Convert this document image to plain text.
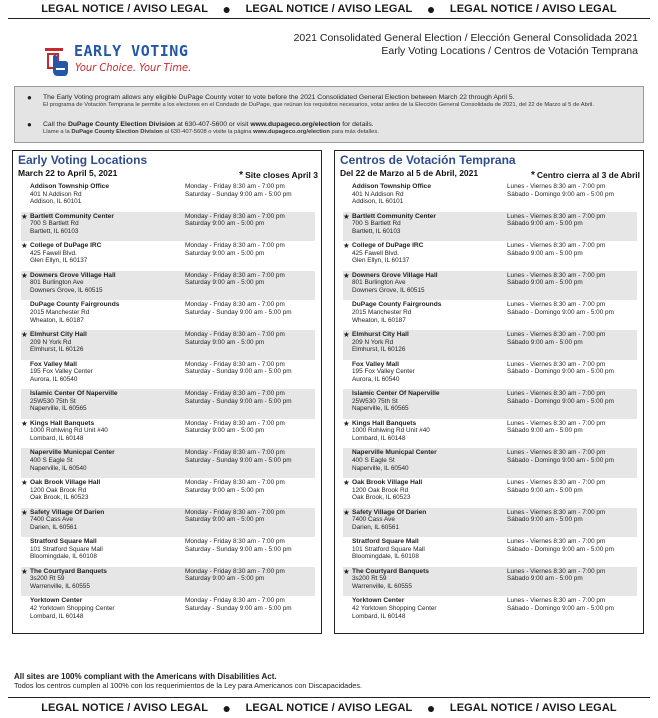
LEGAL NOTICE / AVISO LEGAL ● LEGAL NOTICE / AVISO LEGAL ● LEGAL NOTICE / AVISO LEGAL
EARLY VOTING
Your Choice. Your Time.
2021 Consolidated General Election / Elección General Consolidada 2021
Early Voting Locations / Centros de Votación Temprana
● The Early Voting program allows any eligible DuPage County voter to vote before the 2021 Consolidated General Election between March 22 through April 5.
El programa de Votación Temprana le permite a los electores en el Condado de DuPage, que reúnan los requisitos necesarios, votar antes de la Elección General Consolidada de 2021, del 22 de Marzo al 5 de Abril.
● Call the DuPage County Election Division at 630-407-5600 or visit www.dupageco.org/election for details.
Llame a la DuPage County Election Division al 630-407-5608 o visite la página www.dupageco.org/election para más detalles.
Early Voting Locations
March 22 to April 5, 2021	* Site closes April 3
Addison Township Office
401 N Addison Rd
Addison, IL 60101
Monday - Friday 8:30 am - 7:00 pm
Saturday - Sunday 9:00 am - 5:00 pm
★ Bartlett Community Center
700 S Bartlett Rd
Bartlett, IL 60103
Monday - Friday 8:30 am - 7:00 pm
Saturday 9:00 am - 5:00 pm
★ College of DuPage IRC
425 Fawell Blvd.
Glen Ellyn, IL 60137
Monday - Friday 8:30 am - 7:00 pm
Saturday 9:00 am - 5:00 pm
★ Downers Grove Village Hall
801 Burlington Ave
Downers Grove, IL 60515
Monday - Friday 8:30 am - 7:00 pm
Saturday 9:00 am - 5:00 pm
DuPage County Fairgrounds
2015 Manchester Rd
Wheaton, IL 60187
Monday - Friday 8:30 am - 7:00 pm
Saturday - Sunday 9:00 am - 5:00 pm
★ Elmhurst City Hall
209 N York Rd
Elmhurst, IL 60126
Monday - Friday 8:30 am - 7:00 pm
Saturday 9:00 am - 5:00 pm
Fox Valley Mall
195 Fox Valley Center
Aurora, IL 60540
Monday - Friday 8:30 am - 7:00 pm
Saturday - Sunday 9:00 am - 5:00 pm
Islamic Center Of Naperville
25W530 75th St
Naperville, IL 60565
Monday - Friday 8:30 am - 7:00 pm
Saturday - Sunday 9:00 am - 5:00 pm
★ Kings Hall Banquets
1000 Rohlwing Rd Unit #40
Lombard, IL 60148
Monday - Friday 8:30 am - 7:00 pm
Saturday 9:00 am - 5:00 pm
Naperville Municpal Center
400 S Eagle St
Naperville, IL 60540
Monday - Friday 8:30 am - 7:00 pm
Saturday - Sunday 9:00 am - 5:00 pm
★ Oak Brook Village Hall
1200 Oak Brook Rd
Oak Brook, IL 60523
Monday - Friday 8:30 am - 7:00 pm
Saturday 9:00 am - 5:00 pm
★ Safety Village Of Darien
7400 Cass Ave
Darien, IL 60561
Monday - Friday 8:30 am - 7:00 pm
Saturday 9:00 am - 5:00 pm
Stratford Square Mall
101 Stratford Square Mall
Bloomingdale, IL 60108
Monday - Friday 8:30 am - 7:00 pm
Saturday - Sunday 9:00 am - 5:00 pm
★ The Courtyard Banquets
3s200 Rt 59
Warrenville, IL 60555
Monday - Friday 8:30 am - 7:00 pm
Saturday 9:00 am - 5:00 pm
Yorktown Center
42 Yorktown Shopping Center
Lombard, IL 60148
Monday - Friday 8:30 am - 7:00 pm
Saturday - Sunday 9:00 am - 5:00 pm
Centros de Votación Temprana
Del 22 de Marzo al 5 de Abril, 2021	* Centro cierra al 3 de Abril
Addison Township Office
401 N Addison Rd
Addison, IL 60101
Lunes - Viernes 8:30 am - 7:00 pm
Sábado - Domingo 9:00 am - 5:00 pm
★ Bartlett Community Center
700 S Bartlett Rd
Bartlett, IL 60103
Lunes - Viernes 8:30 am - 7:00 pm
Sábado 9:00 am - 5:00 pm
★ College of DuPage IRC
425 Fawell Blvd.
Glen Ellyn, IL 60137
Lunes - Viernes 8:30 am - 7:00 pm
Sábado 9:00 am - 5:00 pm
★ Downers Grove Village Hall
801 Burlington Ave
Downers Grove, IL 60515
Lunes - Viernes 8:30 am - 7:00 pm
Sábado 9:00 am - 5:00 pm
DuPage County Fairgrounds
2015 Manchester Rd
Wheaton, IL 60187
Lunes - Viernes 8:30 am - 7:00 pm
Sábado - Domingo 9:00 am - 5:00 pm
★ Elmhurst City Hall
209 N York Rd
Elmhurst, IL 60126
Lunes - Viernes 8:30 am - 7:00 pm
Sábado 9:00 am - 5:00 pm
Fox Valley Mall
195 Fox Valley Center
Aurora, IL 60540
Lunes - Viernes 8:30 am - 7:00 pm
Sábado - Domingo 9:00 am - 5:00 pm
Islamic Center Of Naperville
25W530 75th St
Naperville, IL 60565
Lunes - Viernes 8:30 am - 7:00 pm
Sábado - Domingo 9:00 am - 5:00 pm
★ Kings Hall Banquets
1000 Rohlwing Rd Unit #40
Lombard, IL 60148
Lunes - Viernes 8:30 am - 7:00 pm
Sábado 9:00 am - 5:00 pm
Naperville Municpal Center
400 S Eagle St
Naperville, IL 60540
Lunes - Viernes 8:30 am - 7:00 pm
Sábado - Domingo 9:00 am - 5:00 pm
★ Oak Brook Village Hall
1200 Oak Brook Rd
Oak Brook, IL 60523
Lunes - Viernes 8:30 am - 7:00 pm
Sábado 9:00 am - 5:00 pm
★ Safety Village Of Darien
7400 Cass Ave
Darien, IL 60561
Lunes - Viernes 8:30 am - 7:00 pm
Sábado 9:00 am - 5:00 pm
Stratford Square Mall
101 Stratford Square Mall
Bloomingdale, IL 60108
Lunes - Viernes 8:30 am - 7:00 pm
Sábado - Domingo 9:00 am - 5:00 pm
★ The Courtyard Banquets
3s200 Rt 59
Warrenville, IL 60555
Lunes - Viernes 8:30 am - 7:00 pm
Sábado 9:00 am - 5:00 pm
Yorktown Center
42 Yorktown Shopping Center
Lombard, IL 60148
Lunes - Viernes 8:30 am - 7:00 pm
Sábado - Domingo 9:00 am - 5:00 pm
All sites are 100% compliant with the Americans with Disabilities Act.
Todos los centros cumplen al 100% con los requerimientos de la Ley para Americanos con Discapacidades.
LEGAL NOTICE / AVISO LEGAL ● LEGAL NOTICE / AVISO LEGAL ● LEGAL NOTICE / AVISO LEGAL
